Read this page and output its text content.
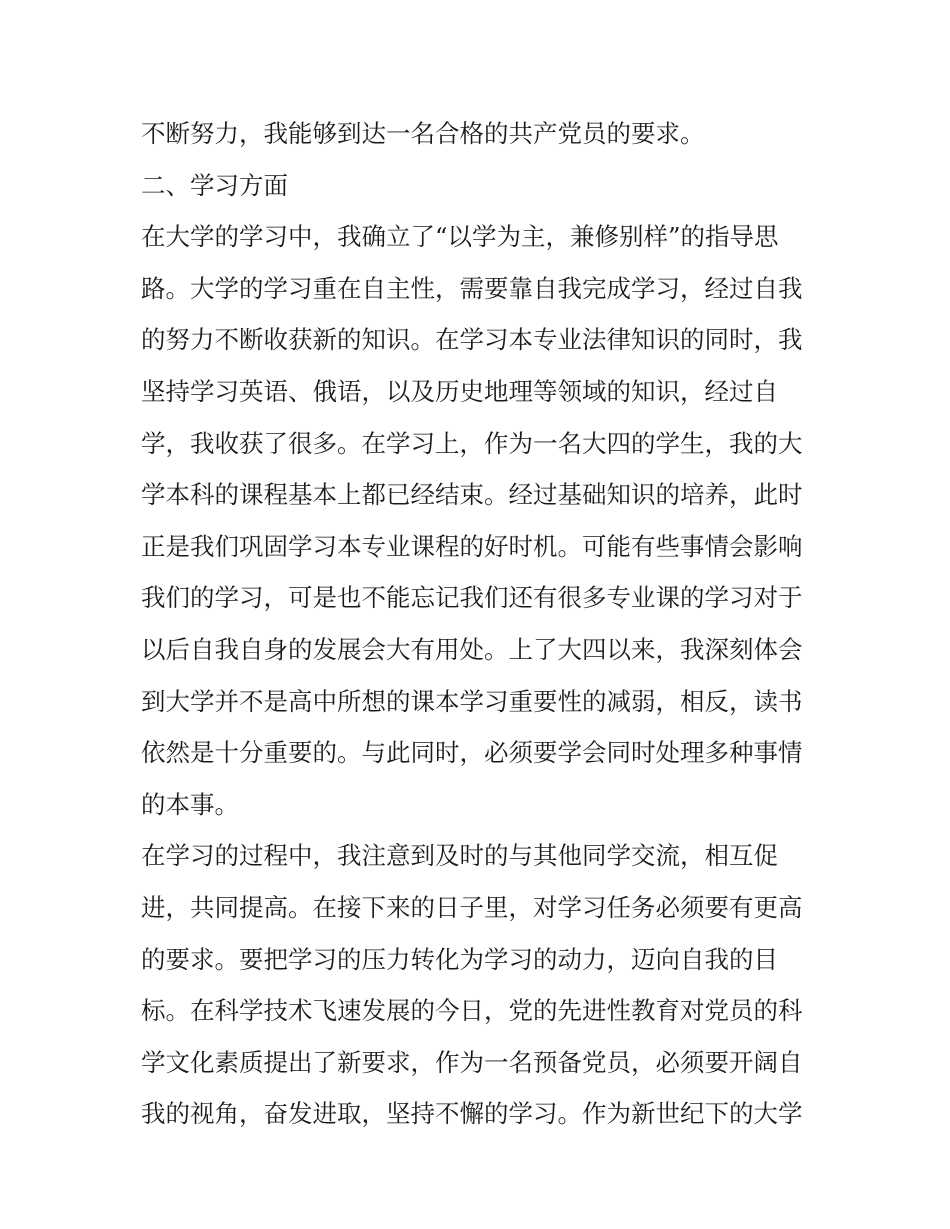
不断努力，我能够到达一名合格的共产党员的要求。
二、学习方面
在大学的学习中，我确立了“以学为主，兼修别样”的指导思
路。大学的学习重在自主性，需要靠自我完成学习，经过自我
的努力不断收获新的知识。在学习本专业法律知识的同时，我
坚持学习英语、俄语，以及历史地理等领域的知识，经过自
学，我收获了很多。在学习上，作为一名大四的学生，我的大
学本科的课程基本上都已经结束。经过基础知识的培养，此时
正是我们巩固学习本专业课程的好时机。可能有些事情会影响
我们的学习，可是也不能忘记我们还有很多专业课的学习对于
以后自我自身的发展会大有用处。上了大四以来，我深刻体会
到大学并不是高中所想的课本学习重要性的减弱，相反，读书
依然是十分重要的。与此同时，必须要学会同时处理多种事情
的本事。
在学习的过程中，我注意到及时的与其他同学交流，相互促
进，共同提高。在接下来的日子里，对学习任务必须要有更高
的要求。要把学习的压力转化为学习的动力，迈向自我的目
标。在科学技术飞速发展的今日，党的先进性教育对党员的科
学文化素质提出了新要求，作为一名预备党员，必须要开阔自
我的视角，奋发进取，坚持不懈的学习。作为新世纪下的大学
